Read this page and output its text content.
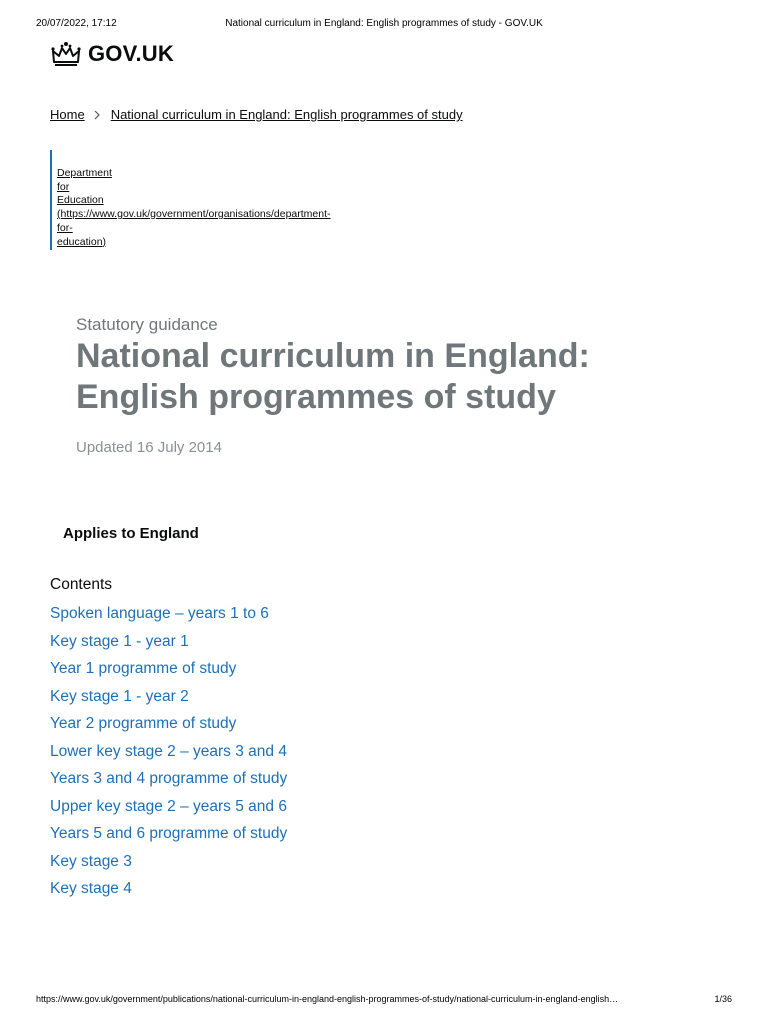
20/07/2022, 17:12	National curriculum in England: English programmes of study - GOV.UK
GOV.UK
Home National curriculum in England: English programmes of study
Department
for
Education
(https://www.gov.uk/government/organisations/department-
for-
education)
Statutory guidance
National curriculum in England:
English programmes of study
Updated 16 July 2014
Applies to England
Contents
Spoken language – years 1 to 6
Key stage 1 - year 1
Year 1 programme of study
Key stage 1 - year 2
Year 2 programme of study
Lower key stage 2 – years 3 and 4
Years 3 and 4 programme of study
Upper key stage 2 – years 5 and 6
Years 5 and 6 programme of study
Key stage 3
Key stage 4
https://www.gov.uk/government/publications/national-curriculum-in-england-english-programmes-of-study/national-curriculum-in-england-english…	1/36
